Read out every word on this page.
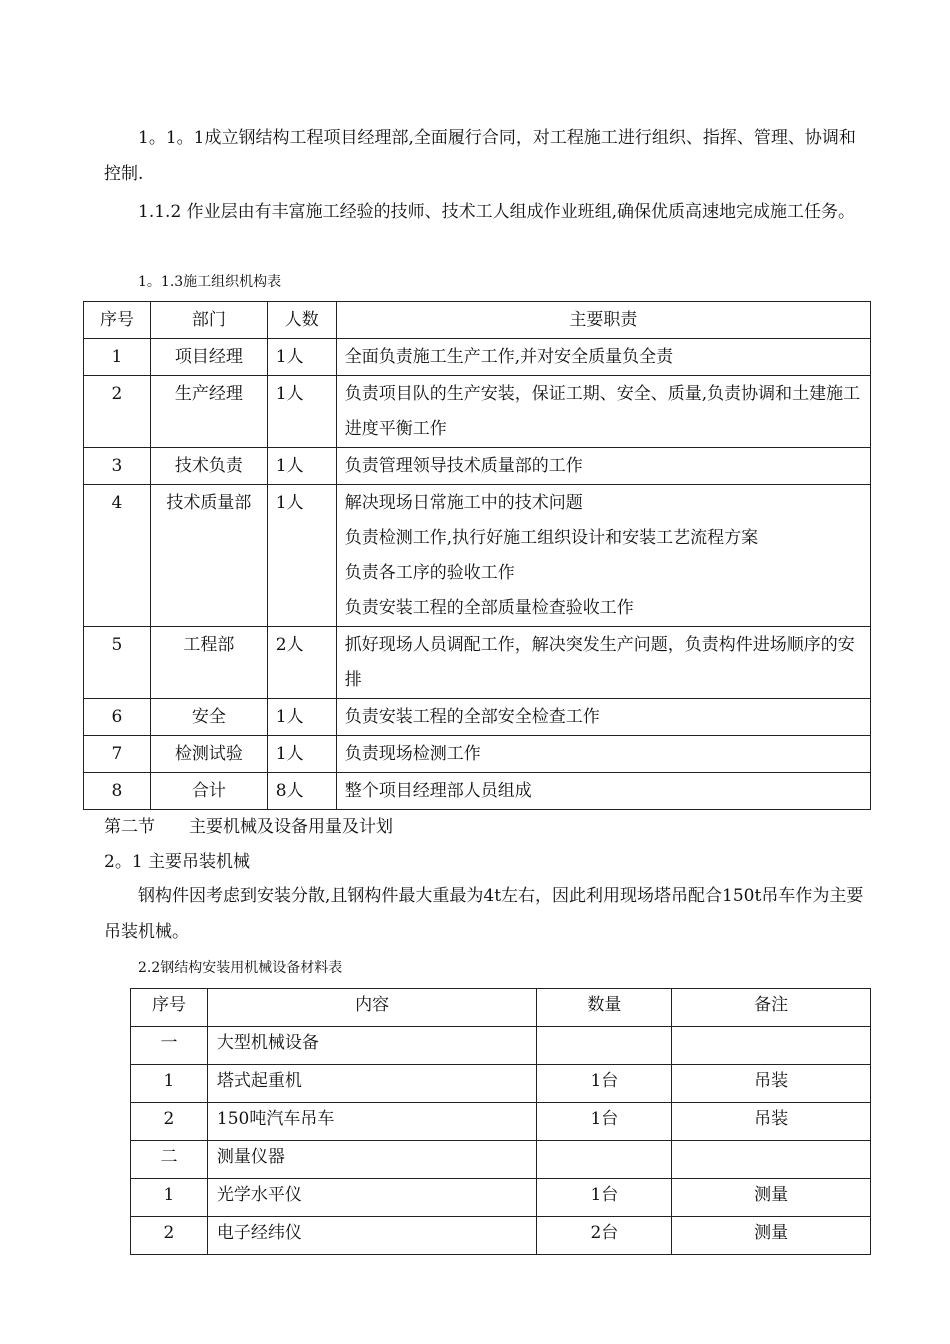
1。1。1成立钢结构工程项目经理部,全面履行合同，对工程施工进行组织、指挥、管理、协调和控制.

1.1.2 作业层由有丰富施工经验的技师、技术工人组成作业班组,确保优质高速地完成施工任务。

1。1.3施工组织机构表
序号	部门	人数	主要职责
1	项目经理	1人	全面负责施工生产工作,并对安全质量负全责

2	生产经理	1人	负责项目队的生产安装，保证工期、安全、质量,负责协调和土建施工进度平衡工作

3	技术负责	1人	负责管理领导技术质量部的工作

4	技术质量部	1人	解决现场日常施工中的技术问题
负责检测工作,执行好施工组织设计和安装工艺流程方案
负责各工序的验收工作
负责安装工程的全部质量检查验收工作

5	工程部	2人	抓好现场人员调配工作，解决突发生产问题，负责构件进场顺序的安排

6	安全	1人	负责安装工程的全部安全检查工作

7	检测试验	1人	负责现场检测工作

8	合计	8人	整个项目经理部人员组成
第二节　　主要机械及设备用量及计划
2。1 主要吊装机械

钢构件因考虑到安装分散,且钢构件最大重最为4t左右，因此利用现场塔吊配合150t吊车作为主要吊装机械。

2.2钢结构安装用机械设备材料表
序号	内容	数量	备注
一	大型机械设备		
1	塔式起重机	1台	吊装
2	150吨汽车吊车	1台	吊装
二	测量仪器		
1	光学水平仪	1台	测量
2	电子经纬仪	2台	测量
